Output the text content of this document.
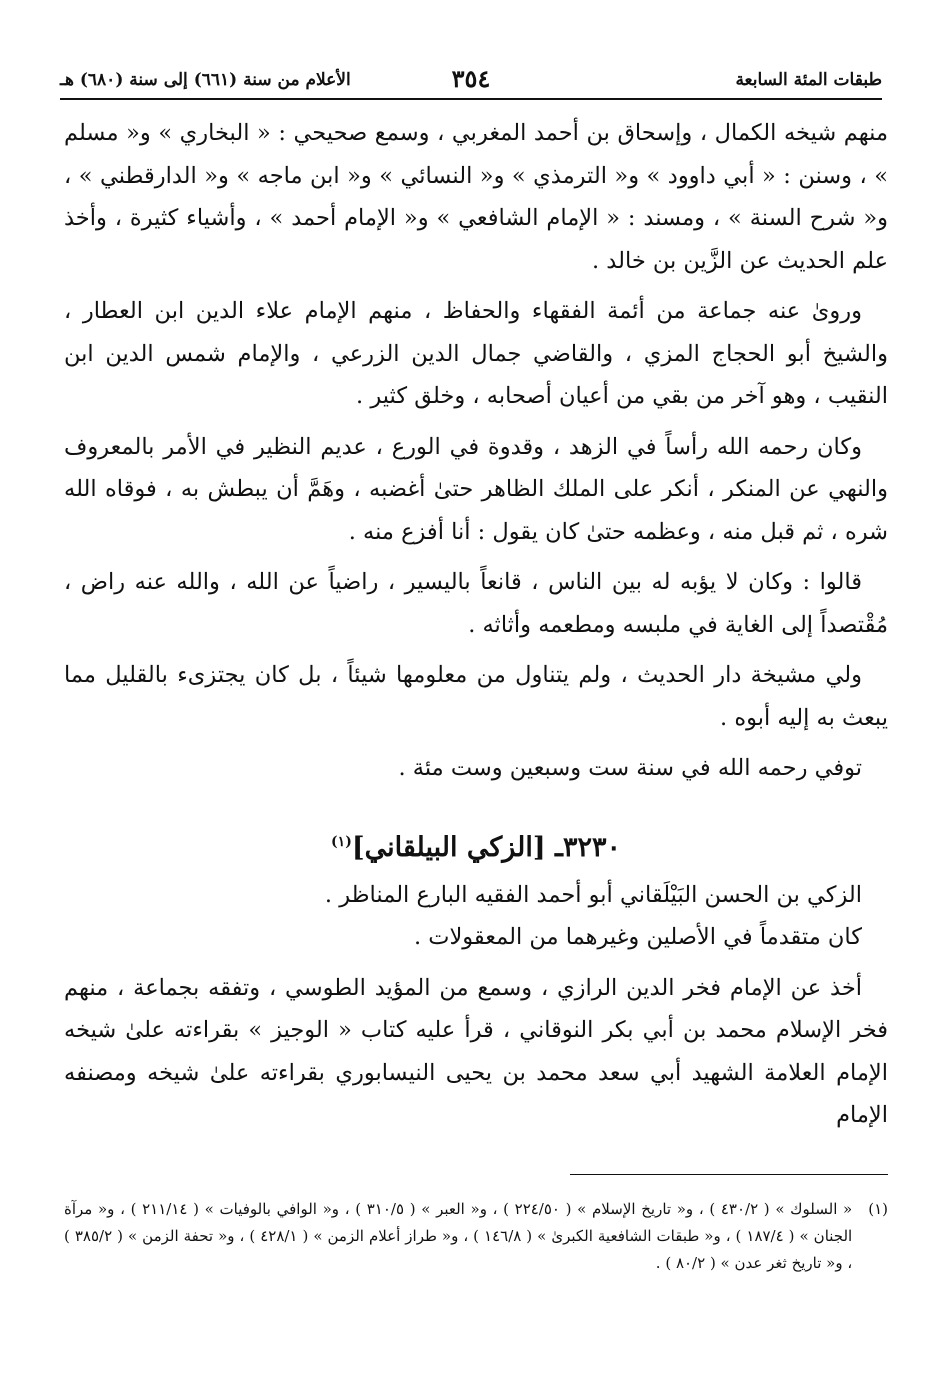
طبقات المئة السابعة
٣٥٤
الأعلام من سنة (٦٦١) إلى سنة (٦٨٠) هـ

منهم شيخه الكمال ، وإسحاق بن أحمد المغربي ، وسمع صحيحي : « البخاري » و« مسلم » ، وسنن : « أبي داوود » و« الترمذي » و« النسائي » و« ابن ماجه » و« الدارقطني » ، و« شرح السنة » ، ومسند : « الإمام الشافعي » و« الإمام أحمد » ، وأشياء كثيرة ، وأخذ علم الحديث عن الزَّين بن خالد .

وروىٰ عنه جماعة من أئمة الفقهاء والحفاظ ، منهم الإمام علاء الدين ابن العطار ، والشيخ أبو الحجاج المزي ، والقاضي جمال الدين الزرعي ، والإمام شمس الدين ابن النقيب ، وهو آخر من بقي من أعيان أصحابه ، وخلق كثير .

وكان رحمه الله رأساً في الزهد ، وقدوة في الورع ، عديم النظير في الأمر بالمعروف والنهي عن المنكر ، أنكر على الملك الظاهر حتىٰ أغضبه ، وهَمَّ أن يبطش به ، فوقاه الله شره ، ثم قبل منه ، وعظمه حتىٰ كان يقول : أنا أفزع منه .

قالوا : وكان لا يؤبه له بين الناس ، قانعاً باليسير ، راضياً عن الله ، والله عنه راض ، مُقْتصداً إلى الغاية في ملبسه ومطعمه وأثاثه .

ولي مشيخة دار الحديث ، ولم يتناول من معلومها شيئاً ، بل كان يجتزىء بالقليل مما يبعث به إليه أبوه .

توفي رحمه الله في سنة ست وسبعين وست مئة .

٣٢٣٠ـ [الزكي البيلقاني]$^{(١)}$

الزكي بن الحسن البَيْلَقاني أبو أحمد الفقيه البارع المناظر .

كان متقدماً في الأصلين وغيرهما من المعقولات .

أخذ عن الإمام فخر الدين الرازي ، وسمع من المؤيد الطوسي ، وتفقه بجماعة ، منهم فخر الإسلام محمد بن أبي بكر النوقاني ، قرأ عليه كتاب « الوجيز » بقراءته علىٰ شيخه الإمام العلامة الشهيد أبي سعد محمد بن يحيى النيسابوري بقراءته علىٰ شيخه ومصنفه الإمام

(١)
« السلوك » ( ٤٣٠/٢ ) ، و« تاريخ الإسلام » ( ٢٢٤/٥٠ ) ، و« العبر » ( ٣١٠/٥ ) ، و« الوافي بالوفيات » ( ٢١١/١٤ ) ، و« مرآة الجنان » ( ١٨٧/٤ ) ، و« طبقات الشافعية الكبرىٰ » ( ١٤٦/٨ ) ، و« طراز أعلام الزمن » ( ٤٢٨/١ ) ، و« تحفة الزمن » ( ٣٨٥/٢ ) ، و« تاريخ ثغر عدن » ( ٨٠/٢ ) .
